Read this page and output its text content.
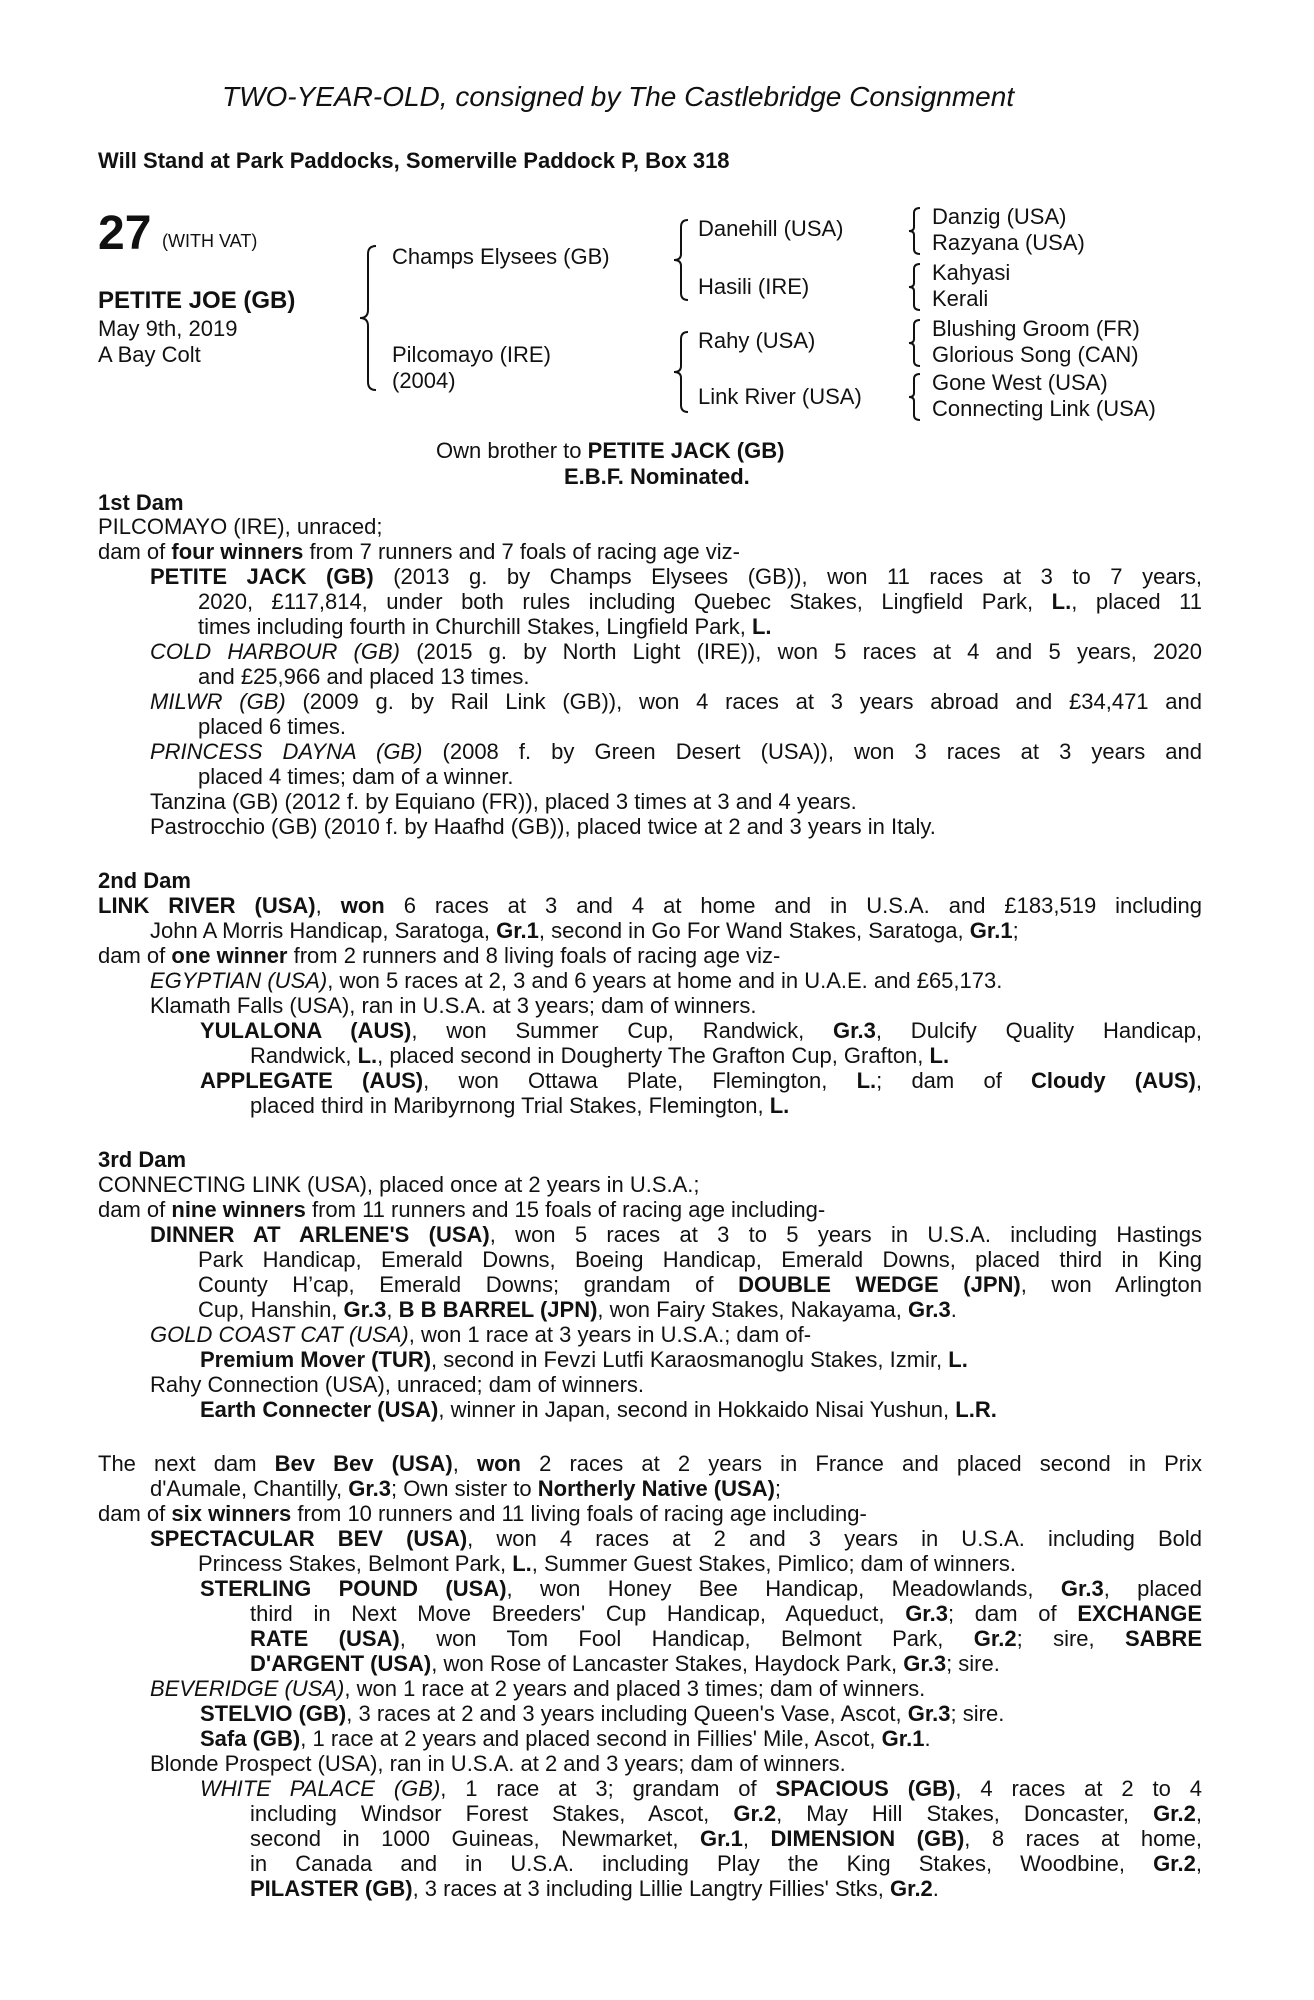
TWO-YEAR-OLD, consigned by The Castlebridge Consignment
Will Stand at Park Paddocks, Somerville Paddock P, Box 318
27 (WITH VAT)
PETITE JOE (GB)
May 9th, 2019
A Bay Colt
Champs Elysees (GB)
Pilcomayo (IRE)
(2004)
Danehill (USA)
Hasili (IRE)
Rahy (USA)
Link River (USA)
Danzig (USA)
Razyana (USA)
Kahyasi
Kerali
Blushing Groom (FR)
Glorious Song (CAN)
Gone West (USA)
Connecting Link (USA)
Own brother to PETITE JACK (GB)
E.B.F. Nominated.
1st Dam
PILCOMAYO (IRE), unraced;
dam of four winners from 7 runners and 7 foals of racing age viz-
PETITE JACK (GB) (2013 g. by Champs Elysees (GB)), won 11 races at 3 to 7 years,
2020, £117,814, under both rules including Quebec Stakes, Lingfield Park, L., placed 11
times including fourth in Churchill Stakes, Lingfield Park, L.
COLD HARBOUR (GB) (2015 g. by North Light (IRE)), won 5 races at 4 and 5 years, 2020
and £25,966 and placed 13 times.
MILWR (GB) (2009 g. by Rail Link (GB)), won 4 races at 3 years abroad and £34,471 and
placed 6 times.
PRINCESS DAYNA (GB) (2008 f. by Green Desert (USA)), won 3 races at 3 years and
placed 4 times; dam of a winner.
Tanzina (GB) (2012 f. by Equiano (FR)), placed 3 times at 3 and 4 years.
Pastrocchio (GB) (2010 f. by Haafhd (GB)), placed twice at 2 and 3 years in Italy.
2nd Dam
LINK RIVER (USA), won 6 races at 3 and 4 at home and in U.S.A. and £183,519 including
John A Morris Handicap, Saratoga, Gr.1, second in Go For Wand Stakes, Saratoga, Gr.1;
dam of one winner from 2 runners and 8 living foals of racing age viz-
EGYPTIAN (USA), won 5 races at 2, 3 and 6 years at home and in U.A.E. and £65,173.
Klamath Falls (USA), ran in U.S.A. at 3 years; dam of winners.
YULALONA (AUS), won Summer Cup, Randwick, Gr.3, Dulcify Quality Handicap,
Randwick, L., placed second in Dougherty The Grafton Cup, Grafton, L.
APPLEGATE (AUS), won Ottawa Plate, Flemington, L.; dam of Cloudy (AUS),
placed third in Maribyrnong Trial Stakes, Flemington, L.
3rd Dam
CONNECTING LINK (USA), placed once at 2 years in U.S.A.;
dam of nine winners from 11 runners and 15 foals of racing age including-
DINNER AT ARLENE'S (USA), won 5 races at 3 to 5 years in U.S.A. including Hastings
Park Handicap, Emerald Downs, Boeing Handicap, Emerald Downs, placed third in King
County H’cap, Emerald Downs; grandam of DOUBLE WEDGE (JPN), won Arlington
Cup, Hanshin, Gr.3, B B BARREL (JPN), won Fairy Stakes, Nakayama, Gr.3.
GOLD COAST CAT (USA), won 1 race at 3 years in U.S.A.; dam of-
Premium Mover (TUR), second in Fevzi Lutfi Karaosmanoglu Stakes, Izmir, L.
Rahy Connection (USA), unraced; dam of winners.
Earth Connecter (USA), winner in Japan, second in Hokkaido Nisai Yushun, L.R.
The next dam Bev Bev (USA), won 2 races at 2 years in France and placed second in Prix
d'Aumale, Chantilly, Gr.3; Own sister to Northerly Native (USA);
dam of six winners from 10 runners and 11 living foals of racing age including-
SPECTACULAR BEV (USA), won 4 races at 2 and 3 years in U.S.A. including Bold
Princess Stakes, Belmont Park, L., Summer Guest Stakes, Pimlico; dam of winners.
STERLING POUND (USA), won Honey Bee Handicap, Meadowlands, Gr.3, placed
third in Next Move Breeders' Cup Handicap, Aqueduct, Gr.3; dam of EXCHANGE
RATE (USA), won Tom Fool Handicap, Belmont Park, Gr.2; sire, SABRE
D'ARGENT (USA), won Rose of Lancaster Stakes, Haydock Park, Gr.3; sire.
BEVERIDGE (USA), won 1 race at 2 years and placed 3 times; dam of winners.
STELVIO (GB), 3 races at 2 and 3 years including Queen's Vase, Ascot, Gr.3; sire.
Safa (GB), 1 race at 2 years and placed second in Fillies' Mile, Ascot, Gr.1.
Blonde Prospect (USA), ran in U.S.A. at 2 and 3 years; dam of winners.
WHITE PALACE (GB), 1 race at 3; grandam of SPACIOUS (GB), 4 races at 2 to 4
including Windsor Forest Stakes, Ascot, Gr.2, May Hill Stakes, Doncaster, Gr.2,
second in 1000 Guineas, Newmarket, Gr.1, DIMENSION (GB), 8 races at home,
in Canada and in U.S.A. including Play the King Stakes, Woodbine, Gr.2,
PILASTER (GB), 3 races at 3 including Lillie Langtry Fillies' Stks, Gr.2.
